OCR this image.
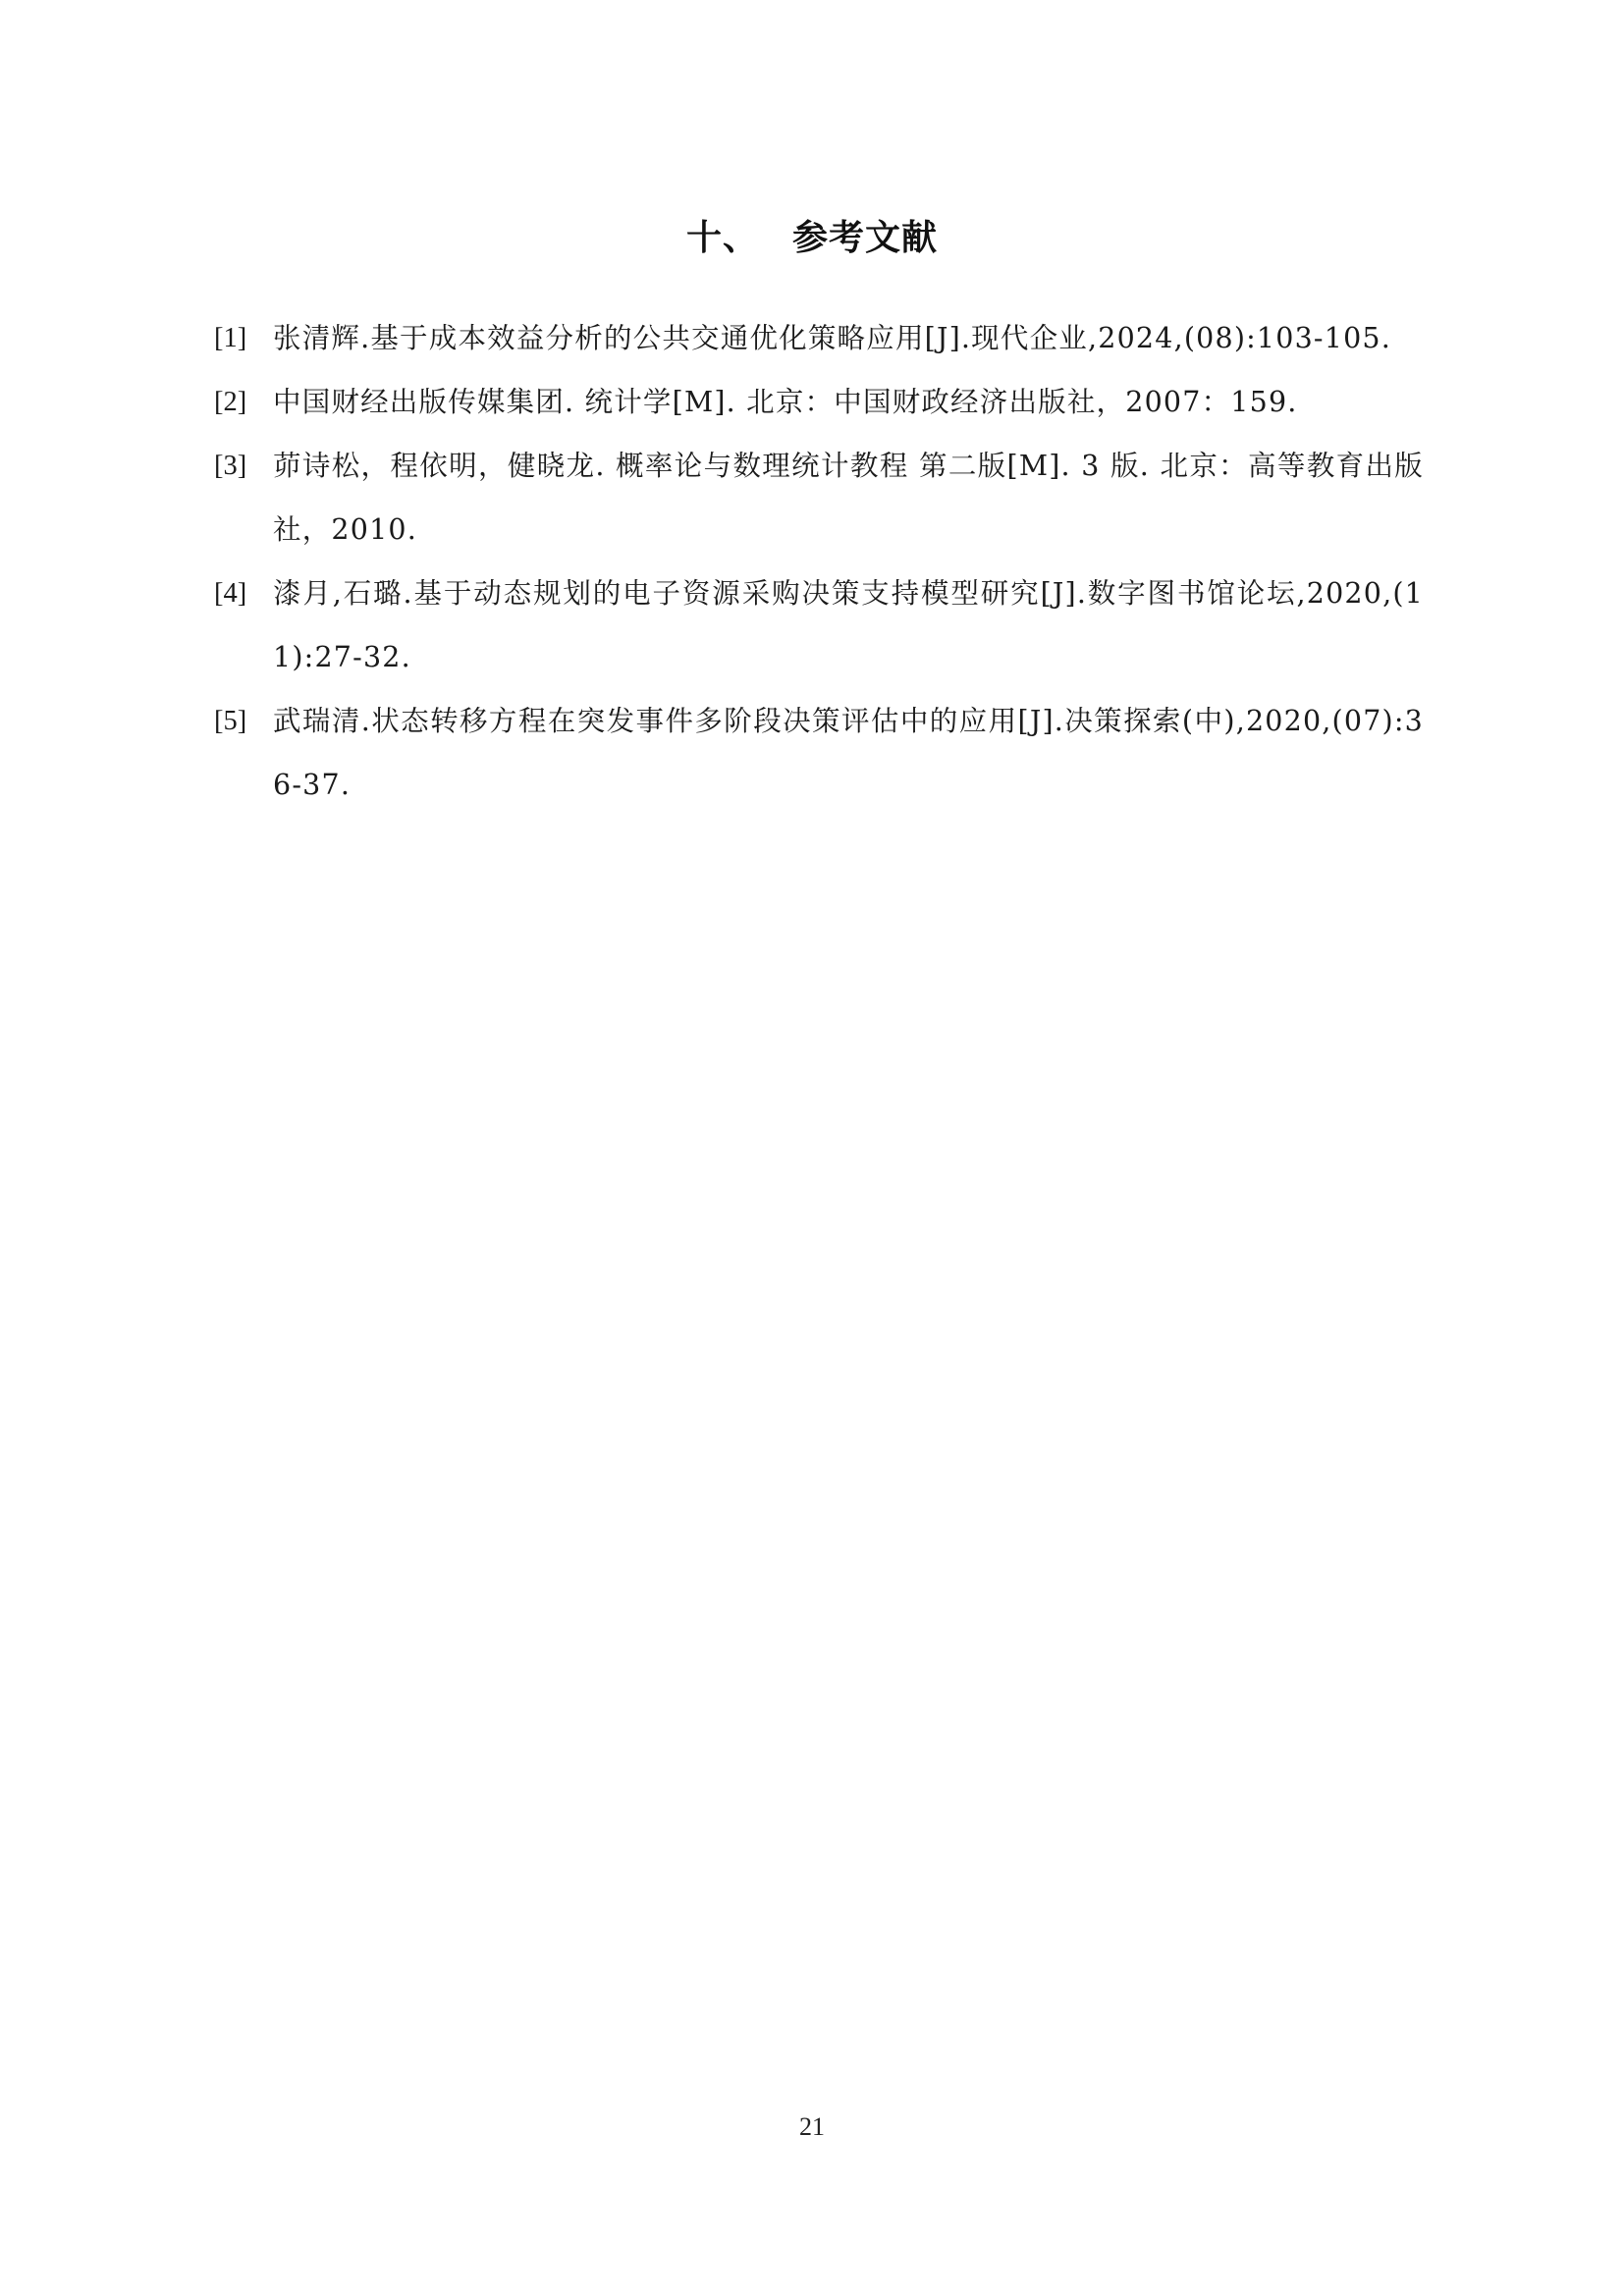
十、 参考文献
[1] 张清辉.基于成本效益分析的公共交通优化策略应用[J].现代企业,2024,(08):103-105.
[2] 中国财经出版传媒集团. 统计学[M]. 北京：中国财政经济出版社，2007：159.
[3] 茆诗松，程依明，健晓龙. 概率论与数理统计教程 第二版[M]. 3 版. 北京：高等教育出版社，2010.
[4] 漆月,石璐.基于动态规划的电子资源采购决策支持模型研究[J].数字图书馆论坛,2020,(11):27-32.
[5] 武瑞清.状态转移方程在突发事件多阶段决策评估中的应用[J].决策探索(中),2020,(07):36-37.
21
